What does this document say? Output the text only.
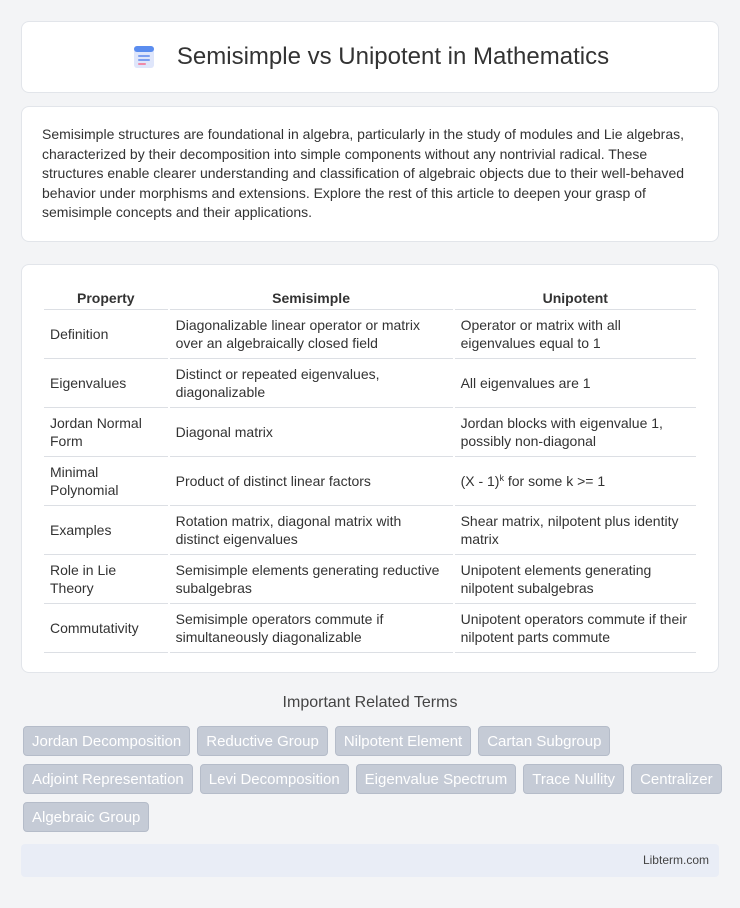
Semisimple vs Unipotent in Mathematics

Semisimple structures are foundational in algebra, particularly in the study of modules and Lie algebras, characterized by their decomposition into simple components without any nontrivial radical. These structures enable clearer understanding and classification of algebraic objects due to their well-behaved behavior under morphisms and extensions. Explore the rest of this article to deepen your grasp of semisimple concepts and their applications.

Property	Semisimple	Unipotent
Definition	Diagonalizable linear operator or matrix over an algebraically closed field	Operator or matrix with all eigenvalues equal to 1
Eigenvalues	Distinct or repeated eigenvalues, diagonalizable	All eigenvalues are 1
Jordan Normal Form	Diagonal matrix	Jordan blocks with eigenvalue 1, possibly non-diagonal
Minimal Polynomial	Product of distinct linear factors	(X - 1)$^k$ for some k >= 1
Examples	Rotation matrix, diagonal matrix with distinct eigenvalues	Shear matrix, nilpotent plus identity matrix
Role in Lie Theory	Semisimple elements generating reductive subalgebras	Unipotent elements generating nilpotent subalgebras
Commutativity	Semisimple operators commute if simultaneously diagonalizable	Unipotent operators commute if their nilpotent parts commute
Important Related Terms
Jordan Decomposition	Reductive Group	Nilpotent Element	Cartan Subgroup
Adjoint Representation	Levi Decomposition	Eigenvalue Spectrum	Trace Nullity	Centralizer
Algebraic Group
Libterm.com
